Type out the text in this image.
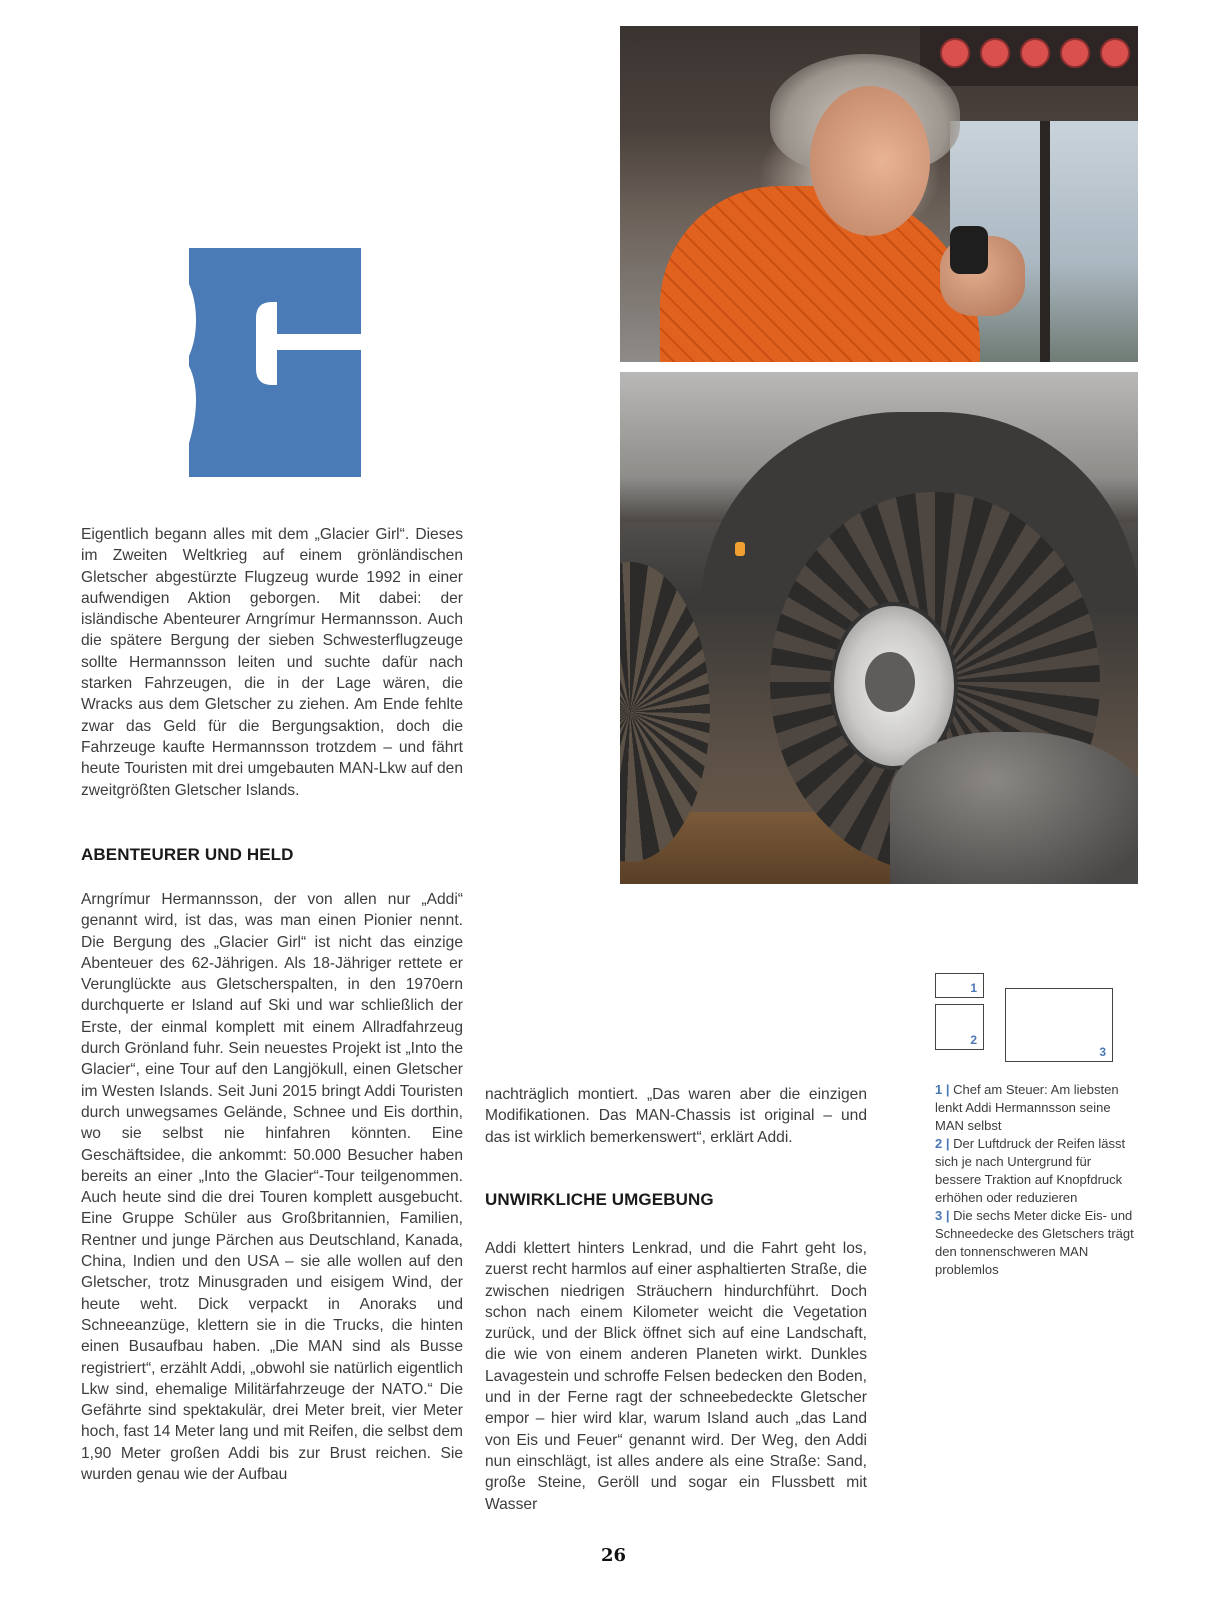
Eigentlich begann alles mit dem „Glacier Girl“. Dieses im Zweiten Weltkrieg auf einem grönländischen Gletscher abgestürzte Flugzeug wurde 1992 in einer aufwendigen Aktion geborgen. Mit dabei: der isländische Abenteurer Arngrímur Hermannsson. Auch die spätere Bergung der sieben Schwesterflugzeuge sollte Hermannsson leiten und suchte dafür nach starken Fahrzeugen, die in der Lage wären, die Wracks aus dem Gletscher zu ziehen. Am Ende fehlte zwar das Geld für die Bergungsaktion, doch die Fahrzeuge kaufte Hermannsson trotzdem – und fährt heute Touristen mit drei umgebauten MAN-Lkw auf den zweitgrößten Gletscher Islands.

ABENTEURER UND HELD

Arngrímur Hermannsson, der von allen nur „Addi“ genannt wird, ist das, was man einen Pionier nennt. Die Bergung des „Glacier Girl“ ist nicht das einzige Abenteuer des 62-Jährigen. Als 18-Jähriger rettete er Verunglückte aus Gletscherspalten, in den 1970ern durchquerte er Island auf Ski und war schließlich der Erste, der einmal komplett mit einem Allradfahrzeug durch Grönland fuhr. Sein neuestes Projekt ist „Into the Glacier“, eine Tour auf den Langjökull, einen Gletscher im Westen Islands. Seit Juni 2015 bringt Addi Touristen durch unwegsames Gelände, Schnee und Eis dorthin, wo sie selbst nie hinfahren könnten. Eine Geschäftsidee, die ankommt: 50.000 Besucher haben bereits an einer „Into the Glacier“-Tour teilgenommen. Auch heute sind die drei Touren komplett ausgebucht. Eine Gruppe Schüler aus Großbritannien, Familien, Rentner und junge Pärchen aus Deutschland, Kanada, China, Indien und den USA – sie alle wollen auf den Gletscher, trotz Minusgraden und eisigem Wind, der heute weht. Dick verpackt in Anoraks und Schneeanzüge, klettern sie in die Trucks, die hinten einen Busaufbau haben. „Die MAN sind als Busse registriert“, erzählt Addi, „obwohl sie natürlich eigentlich Lkw sind, ehemalige Militärfahrzeuge der NATO.“ Die Gefährte sind spektakulär, drei Meter breit, vier Meter hoch, fast 14 Meter lang und mit Reifen, die selbst dem 1,90 Meter großen Addi bis zur Brust reichen. Sie wurden genau wie der Aufbau

nachträglich montiert. „Das waren aber die einzigen Modifikationen. Das MAN-Chassis ist original – und das ist wirklich bemerkenswert“, erklärt Addi.

UNWIRKLICHE UMGEBUNG

Addi klettert hinters Lenkrad, und die Fahrt geht los, zuerst recht harmlos auf einer asphaltierten Straße, die zwischen niedrigen Sträuchern hindurchführt. Doch schon nach einem Kilometer weicht die Vegetation zurück, und der Blick öffnet sich auf eine Landschaft, die wie von einem anderen Planeten wirkt. Dunkles Lavagestein und schroffe Felsen bedecken den Boden, und in der Ferne ragt der schneebedeckte Gletscher empor – hier wird klar, warum Island auch „das Land von Eis und Feuer“ genannt wird. Der Weg, den Addi nun einschlägt, ist alles andere als eine Straße: Sand, große Steine, Geröll und sogar ein Flussbett mit Wasser

1
2
3

1 | Chef am Steuer: Am liebsten lenkt Addi Hermannsson seine MAN selbst

2 | Der Luftdruck der Reifen lässt sich je nach Untergrund für bessere Traktion auf Knopfdruck erhöhen oder reduzieren

3 | Die sechs Meter dicke Eis- und Schneedecke des Gletschers trägt den tonnenschweren MAN problemlos

26
